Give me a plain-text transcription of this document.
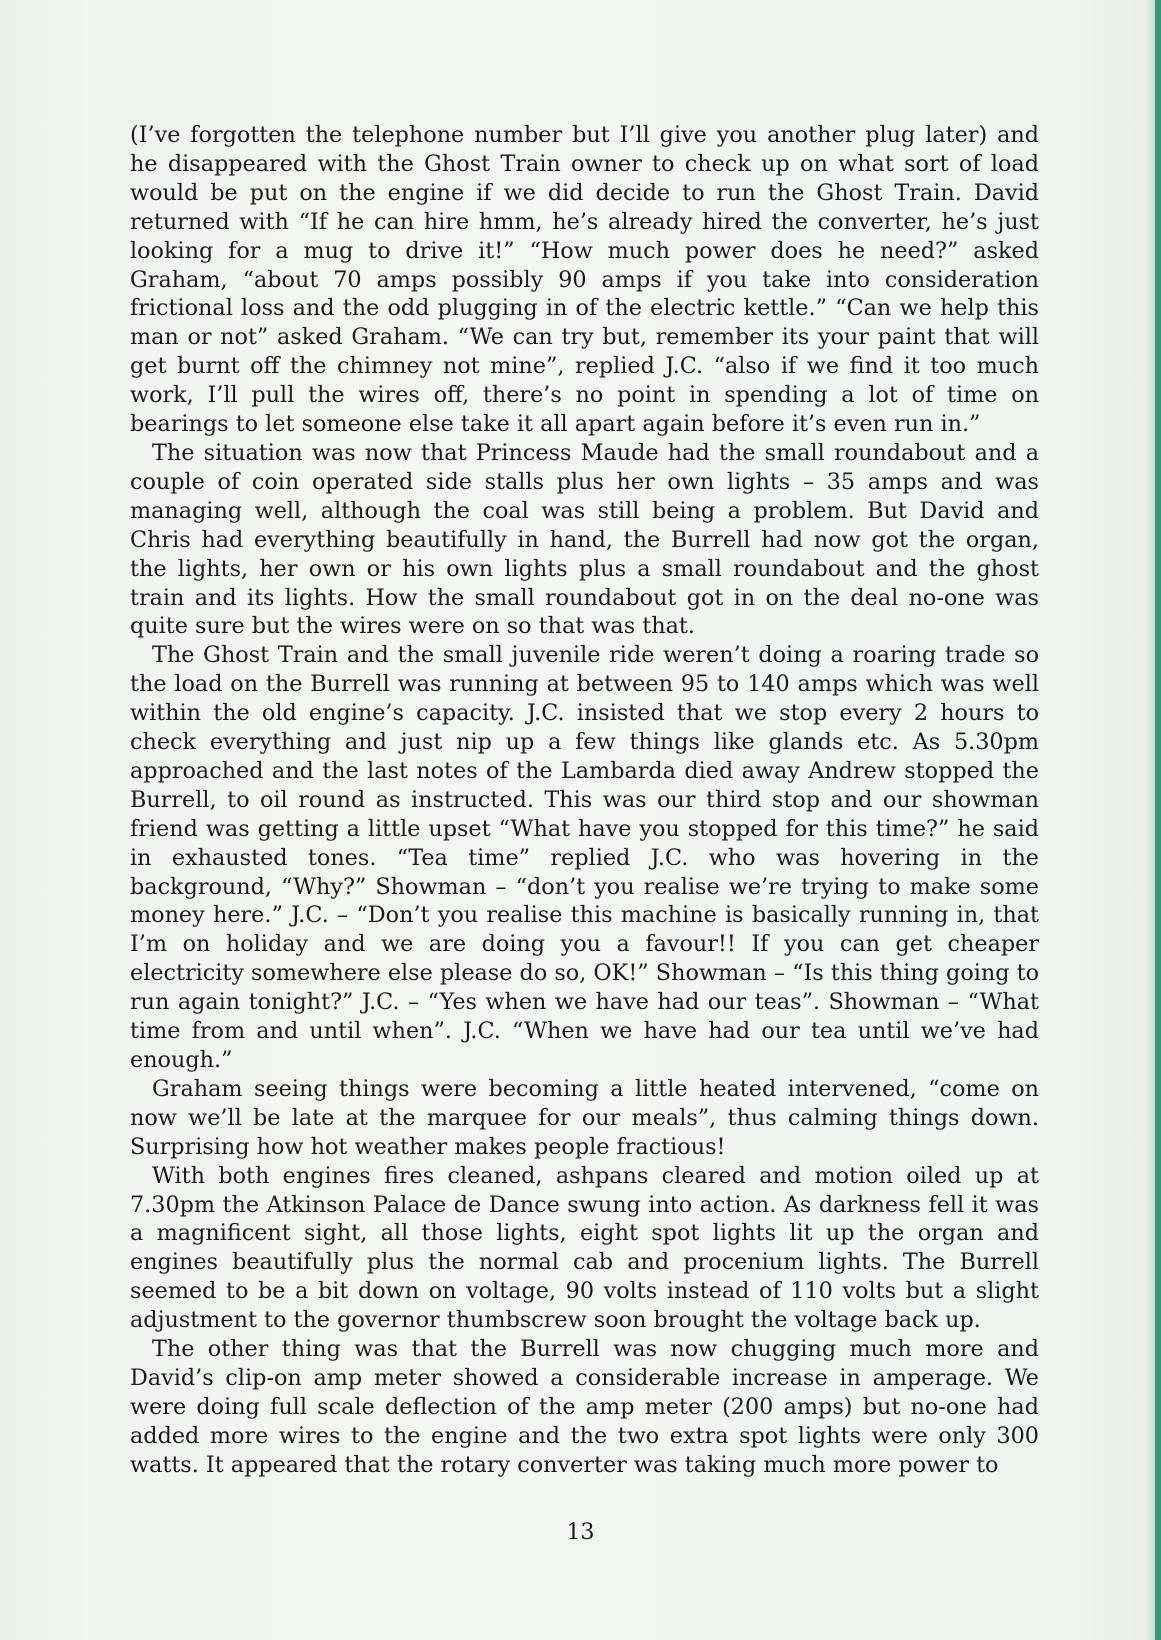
(I’ve forgotten the telephone number but I’ll give you another plug later) and he disappeared with the Ghost Train owner to check up on what sort of load would be put on the engine if we did decide to run the Ghost Train. David returned with “If he can hire hmm, he’s already hired the converter, he’s just looking for a mug to drive it!” “How much power does he need?” asked Graham, “about 70 amps possibly 90 amps if you take into consideration frictional loss and the odd plugging in of the electric kettle.” “Can we help this man or not” asked Graham. “We can try but, remember its your paint that will get burnt off the chimney not mine”, replied J.C. “also if we find it too much work, I’ll pull the wires off, there’s no point in spending a lot of time on bearings to let someone else take it all apart again before it’s even run in.”

The situation was now that Princess Maude had the small roundabout and a couple of coin operated side stalls plus her own lights – 35 amps and was managing well, although the coal was still being a problem. But David and Chris had everything beautifully in hand, the Burrell had now got the organ, the lights, her own or his own lights plus a small roundabout and the ghost train and its lights. How the small roundabout got in on the deal no-one was quite sure but the wires were on so that was that.

The Ghost Train and the small juvenile ride weren’t doing a roaring trade so the load on the Burrell was running at between 95 to 140 amps which was well within the old engine’s capacity. J.C. insisted that we stop every 2 hours to check everything and just nip up a few things like glands etc. As 5.30pm approached and the last notes of the Lambarda died away Andrew stopped the Burrell, to oil round as instructed. This was our third stop and our showman friend was getting a little upset “What have you stopped for this time?” he said in exhausted tones. “Tea time” replied J.C. who was hovering in the background, “Why?” Showman – “don’t you realise we’re trying to make some money here.” J.C. – “Don’t you realise this machine is basically running in, that I’m on holiday and we are doing you a favour!! If you can get cheaper electricity somewhere else please do so, OK!” Showman – “Is this thing going to run again tonight?” J.C. – “Yes when we have had our teas”. Showman – “What time from and until when”. J.C. “When we have had our tea until we’ve had enough.”

Graham seeing things were becoming a little heated intervened, “come on now we’ll be late at the marquee for our meals”, thus calming things down. Surprising how hot weather makes people fractious!

With both engines fires cleaned, ashpans cleared and motion oiled up at 7.30pm the Atkinson Palace de Dance swung into action. As darkness fell it was a magnificent sight, all those lights, eight spot lights lit up the organ and engines beautifully plus the normal cab and procenium lights. The Burrell seemed to be a bit down on voltage, 90 volts instead of 110 volts but a slight adjustment to the governor thumbscrew soon brought the voltage back up.

The other thing was that the Burrell was now chugging much more and David’s clip-on amp meter showed a considerable increase in amperage. We were doing full scale deflection of the amp meter (200 amps) but no-one had added more wires to the engine and the two extra spot lights were only 300 watts. It appeared that the rotary converter was taking much more power to

13
